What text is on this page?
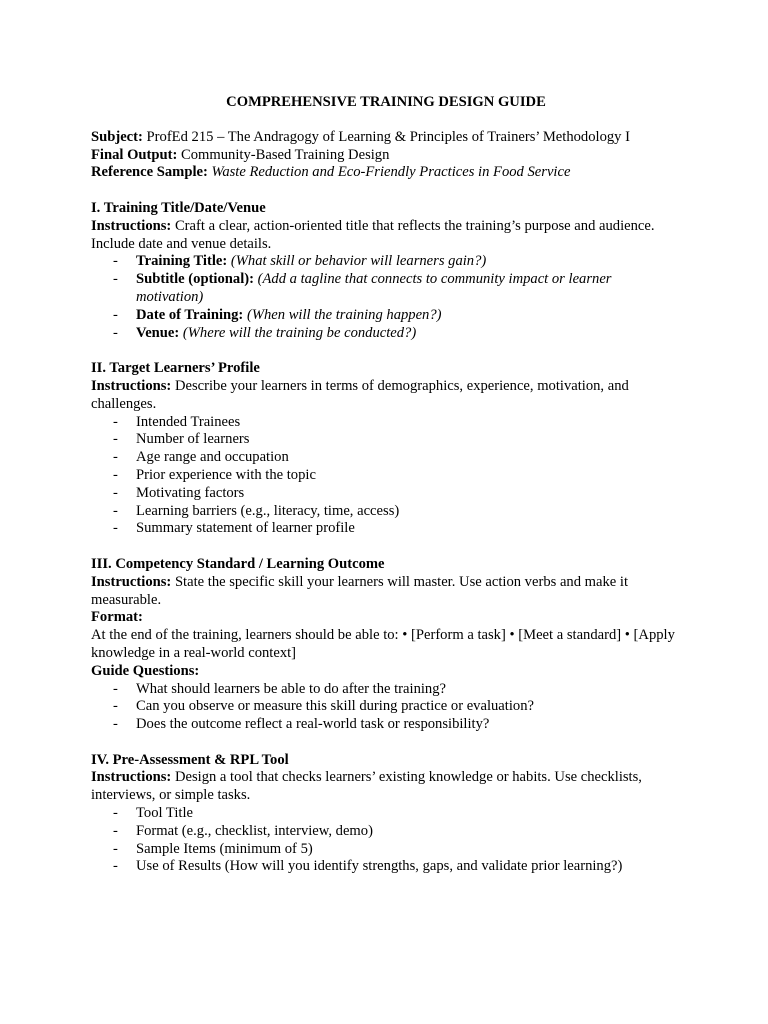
COMPREHENSIVE TRAINING DESIGN GUIDE

Subject: ProfEd 215 – The Andragogy of Learning & Principles of Trainers’ Methodology I

Final Output: Community-Based Training Design

Reference Sample: Waste Reduction and Eco-Friendly Practices in Food Service

I. Training Title/Date/Venue

Instructions: Craft a clear, action-oriented title that reflects the training’s purpose and audience. Include date and venue details.

- Training Title: (What skill or behavior will learners gain?)
- Subtitle (optional): (Add a tagline that connects to community impact or learner motivation)
- Date of Training: (When will the training happen?)
- Venue: (Where will the training be conducted?)

II. Target Learners’ Profile

Instructions: Describe your learners in terms of demographics, experience, motivation, and challenges.

- Intended Trainees
- Number of learners
- Age range and occupation
- Prior experience with the topic
- Motivating factors
- Learning barriers (e.g., literacy, time, access)
- Summary statement of learner profile

III. Competency Standard / Learning Outcome

Instructions: State the specific skill your learners will master. Use action verbs and make it measurable.

Format:

At the end of the training, learners should be able to: • [Perform a task] • [Meet a standard] • [Apply knowledge in a real-world context]

Guide Questions:

- What should learners be able to do after the training?
- Can you observe or measure this skill during practice or evaluation?
- Does the outcome reflect a real-world task or responsibility?

IV. Pre-Assessment & RPL Tool

Instructions: Design a tool that checks learners’ existing knowledge or habits. Use checklists, interviews, or simple tasks.

- Tool Title
- Format (e.g., checklist, interview, demo)
- Sample Items (minimum of 5)
- Use of Results (How will you identify strengths, gaps, and validate prior learning?)
